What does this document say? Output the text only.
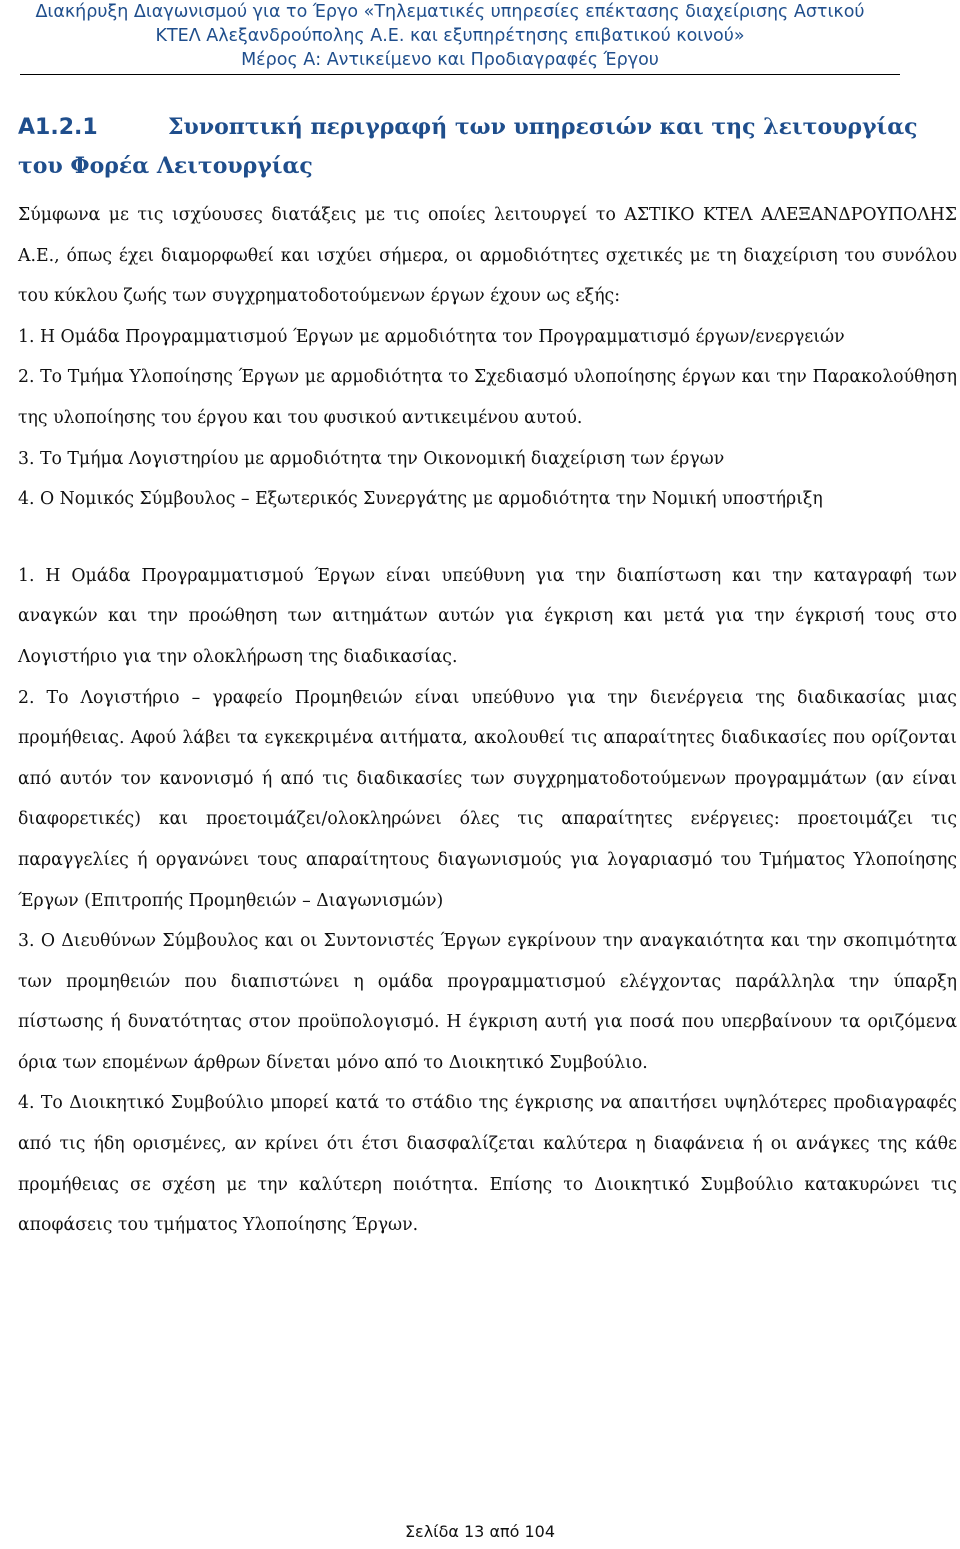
Διακήρυξη Διαγωνισμού για το Έργο «Τηλεματικές υπηρεσίες επέκτασης διαχείρισης Αστικού
ΚΤΕΛ Αλεξανδρούπολης Α.Ε. και εξυπηρέτησης επιβατικού κοινού»
Μέρος Α: Αντικείμενο και Προδιαγραφές Έργου
Α1.2.1	Συνοπτική περιγραφή των υπηρεσιών και της λειτουργίας του Φορέα Λειτουργίας

Σύμφωνα με τις ισχύουσες διατάξεις με τις οποίες λειτουργεί το ΑΣΤΙΚΟ ΚΤΕΛ ΑΛΕΞΑΝΔΡΟΥΠΟΛΗΣ Α.Ε., όπως έχει διαμορφωθεί και ισχύει σήμερα, οι αρμοδιότητες σχετικές με τη διαχείριση του συνόλου του κύκλου ζωής των συγχρηματοδοτούμενων έργων έχουν ως εξής:

1. Η Ομάδα Προγραμματισμού Έργων με αρμοδιότητα τον Προγραμματισμό έργων/ενεργειών

2. Το Τμήμα Υλοποίησης Έργων με αρμοδιότητα το Σχεδιασμό υλοποίησης έργων και την Παρακολούθηση της υλοποίησης του έργου και του φυσικού αντικειμένου αυτού.

3. Το Τμήμα Λογιστηρίου με αρμοδιότητα την Οικονομική διαχείριση των έργων

4. Ο Νομικός Σύμβουλος – Εξωτερικός Συνεργάτης με αρμοδιότητα την Νομική υποστήριξη

1. Η Ομάδα Προγραμματισμού Έργων είναι υπεύθυνη για την διαπίστωση και την καταγραφή των αναγκών και την προώθηση των αιτημάτων αυτών για έγκριση και μετά για την έγκρισή τους στο Λογιστήριο για την ολοκλήρωση της διαδικασίας.

2. Το Λογιστήριο – γραφείο Προμηθειών είναι υπεύθυνο για την διενέργεια της διαδικασίας μιας προμήθειας. Αφού λάβει τα εγκεκριμένα αιτήματα, ακολουθεί τις απαραίτητες διαδικασίες που ορίζονται από αυτόν τον κανονισμό ή από τις διαδικασίες των συγχρηματοδοτούμενων προγραμμάτων (αν είναι διαφορετικές) και προετοιμάζει/ολοκληρώνει όλες τις απαραίτητες ενέργειες: προετοιμάζει τις παραγγελίες ή οργανώνει τους απαραίτητους διαγωνισμούς για λογαριασμό του Τμήματος Υλοποίησης Έργων (Επιτροπής Προμηθειών – Διαγωνισμών)

3. Ο Διευθύνων Σύμβουλος και οι Συντονιστές Έργων εγκρίνουν την αναγκαιότητα και την σκοπιμότητα των προμηθειών που διαπιστώνει η ομάδα προγραμματισμού ελέγχοντας παράλληλα την ύπαρξη πίστωσης ή δυνατότητας στον προϋπολογισμό. Η έγκριση αυτή για ποσά που υπερβαίνουν τα οριζόμενα όρια των επομένων άρθρων δίνεται μόνο από το Διοικητικό Συμβούλιο.

4. Το Διοικητικό Συμβούλιο μπορεί κατά το στάδιο της έγκρισης να απαιτήσει υψηλότερες προδιαγραφές από τις ήδη ορισμένες, αν κρίνει ότι έτσι διασφαλίζεται καλύτερα η διαφάνεια ή οι ανάγκες της κάθε προμήθειας σε σχέση με την καλύτερη ποιότητα. Επίσης το Διοικητικό Συμβούλιο κατακυρώνει τις αποφάσεις του τμήματος Υλοποίησης Έργων.

Σελίδα 13 από 104
